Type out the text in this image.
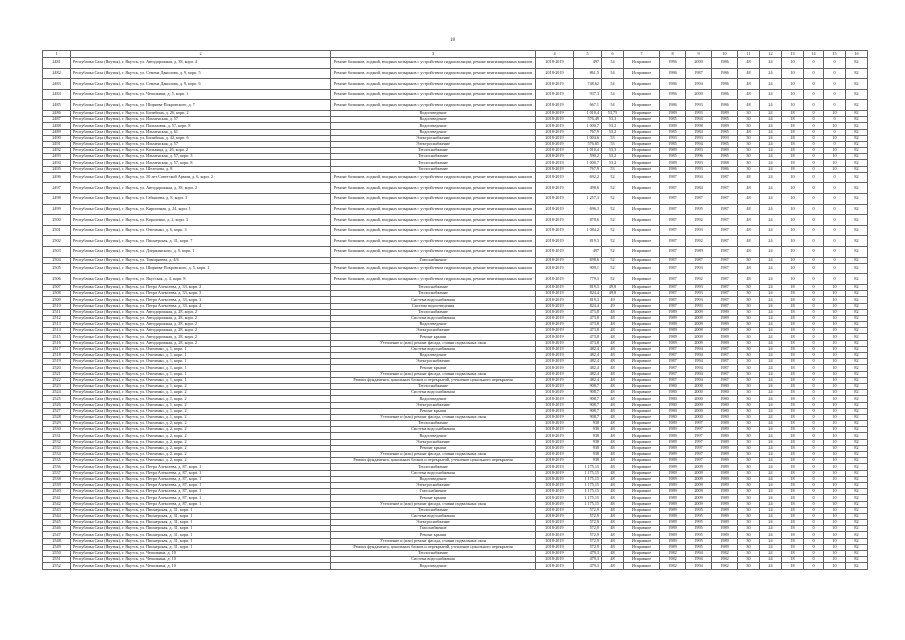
18
1	2	3	4	5	6	7	8	9	10	11	12	13	14	15	16
2481	Республика Саха (Якутия), г. Якутск, ул. Автодорожная, д. 38, корп. 4	Ремонт балконов, лоджий, входных козырьков с устройством гидроизоляции, ремонт вентиляционных каналов	2018-2019	497	54	Исправное	1986	2000	1986	48	24	10	0	0	82
2482	Республика Саха (Якутия), г. Якутск, ул. Семена Данилова, д. 9, корп. 5	Ремонт балконов, лоджий, входных козырьков с устройством гидроизоляции, ремонт вентиляционных каналов	2018-2019	861,5	54	Исправное	1986	1987	1986	48	24	10	0	0	82
2483	Республика Саха (Якутия), г. Якутск, ул. Семена Данилова, д. 9, корп. 6	Ремонт балконов, лоджий, входных козырьков с устройством гидроизоляции, ремонт вентиляционных каналов	2018-2019	748,62	54	Исправное	1986	1994	1986	48	24	10	0	0	82
2484	Республика Саха (Якутия), г. Якутск, ул. Чепалкина, д. 5, корп. 1	Ремонт балконов, лоджий, входных козырьков с устройством гидроизоляции, ремонт вентиляционных каналов	2018-2019	937,3	54	Исправное	1986	2000	1986	48	24	10	0	0	82
2485	Республика Саха (Якутия), г. Якутск, ул. Ширяева-Покровского, д. 7	Ремонт балконов, лоджий, входных козырьков с устройством гидроизоляции, ремонт вентиляционных каналов	2018-2019	667,1	54	Исправное	1986	1993	1986	48	24	10	0	0	82
2486	Республика Саха (Якутия), г. Якутск, ул. Билибина, д. 26, корп. 2	Водоотведение	2018-2019	1 010,4	53,75	Исправное	1989	1993	1989	30	24	18	0	10	82
2487	Республика Саха (Якутия), г. Якутск, ул. Ильменская, д. 57	Водоотведение	2018-2019	576,49	53,3	Исправное	1985	1994	1985	30	24	18	0	0	82
2488	Республика Саха (Якутия), г. Якутск, ул. Пальмовая, д. 57, корп. 8	Водоотведение	2018-2019	1 000,7	53,2	Исправное	1989	1998	1989	30	24	18	0	10	82
2489	Республика Саха (Якутия), г. Якутск, ул. Ильменская, д. 61	Водоотведение	2018-2019	767,9	53,2	Исправное	1985	1984	1985	48	24	18	0	0	82
2490	Республика Саха (Якутия), г. Якутск, ул. Билибина, д. 42, корп. 6	Электроснабжение	2018-2019	1 004,6	53	Исправное	1993	1993	1993	30	24	18	0	10	82
2491	Республика Саха (Якутия), г. Якутск, ул. Ильменская, д. 57	Электроснабжение	2018-2019	576,65	53	Исправное	1985	1994	1985	30	24	18	0	0	82
2492	Республика Саха (Якутия), г. Якутск, ул. Кальвица, д. 26, корп. 2	Теплоснабжение	2018-2019	1 010,4	53,3	Исправное	1989	1993	1989	30	24	18	0	10	82
2493	Республика Саха (Якутия), г. Якутск, ул. Ильменская, д. 57, корп. 3	Теплоснабжение	2018-2019	590,2	53,2	Исправное	1985	1996	1985	30	24	18	0	10	82
2494	Республика Саха (Якутия), г. Якутск, ул. Ильменская, д. 57, корп. 8	Теплоснабжение	2018-2019	1 000,7	53,2	Исправное	1989	1993	1988	30	24	18	0	10	82
2495	Республика Саха (Якутия), г. Якутск, ул. Шелехова, д. 8	Теплоснабжение	2018-2019	767,9	53	Исправное	1986	1993	1986	30	24	18	0	10	82
2496	Республика Саха (Якутия), г. Якутск, ул. 50 лет Советской Армии, д. 6, корп. 2	Ремонт балконов, лоджий, входных козырьков с устройством гидроизоляции, ремонт вентиляционных каналов	2018-2019	692,2	52	Исправное	1987	1994	1987	48	24	10	0	0	82
2497	Республика Саха (Якутия), г. Якутск, ул. Автодорожная, д. 38, корп. 2	Ремонт балконов, лоджий, входных козырьков с устройством гидроизоляции, ремонт вентиляционных каналов	2018-2019	498,6	52	Исправное	1987	1984	1987	48	24	10	0	0	82
2498	Республика Саха (Якутия), г. Якутск, ул. Габышева, д. 8, корп. 3	Ремонт балконов, лоджий, входных козырьков с устройством гидроизоляции, ремонт вентиляционных каналов	2018-2019	1 257,3	52	Исправное	1987	1987	1987	48	24	10	0	0	82
2499	Республика Саха (Якутия), г. Якутск, ул. Кирпичная, д. 24, корп. 1	Ремонт балконов, лоджий, входных козырьков с устройством гидроизоляции, ремонт вентиляционных каналов	2018-2019	696,3	52	Исправное	1987	1995	1987	48	24	10	0	0	82
2500	Республика Саха (Якутия), г. Якутск, ул. Короленко, д. 2, корп. 3	Ремонт балконов, лоджий, входных козырьков с устройством гидроизоляции, ремонт вентиляционных каналов	2018-2019	870,6	52	Исправное	1987	1992	1987	48	24	10	0	0	82
2501	Республика Саха (Якутия), г. Якутск, ул. Очиченко, д. 6, корп. 3	Ремонт балконов, лоджий, входных козырьков с устройством гидроизоляции, ремонт вентиляционных каналов	2018-2019	1 084,2	52	Исправное	1987	1993	1987	48	24	10	0	0	82
2502	Республика Саха (Якутия), г. Якутск, ул. Пионерская, д. 31, корп. 7	Ремонт балконов, лоджий, входных козырьков с устройством гидроизоляции, ремонт вентиляционных каналов	2018-2019	819,3	52	Исправное	1987	1992	1987	48	24	10	0	0	82
2503	Республика Саха (Якутия), г. Якутск, ул. Дзержинского, д. 9, корп. 1	Ремонт балконов, лоджий, входных козырьков с устройством гидроизоляции, ремонт вентиляционных каналов	2018-2019	497	52	Исправное	1987	1989	1987	48	24	10	0	0	82
2504	Республика Саха (Якутия), г. Якутск, ул. Тимирязева, д. 4/6	Газоснабжение	2018-2019	698,6	52	Исправное	1987	1987	1987	30	24	10	0	0	82
2505	Республика Саха (Якутия), г. Якутск, ул. Ширяева-Покровского, д. 5, корп. 1	Ремонт балконов, лоджий, входных козырьков с устройством гидроизоляции, ремонт вентиляционных каналов	2018-2019	909,1	52	Исправное	1987	1993	1987	48	24	10	0	0	82
2506	Республика Саха (Якутия), г. Якутск, ул. Якутская, д. 4, корп. 8	Ремонт балконов, лоджий, входных козырьков с устройством гидроизоляции, ремонт вентиляционных каналов	2018-2019	779,3	52	Исправное	1987	1992	1987	48	24	10	0	0	82
2507	Республика Саха (Якутия), г. Якутск, ул. Петра Алексеева, д. 33, корп. 2	Теплоснабжение	2018-2019	819,3	49,8	Исправное	1987	1993	1987	30	24	18	0	10	82
2508	Республика Саха (Якутия), г. Якутск, ул. Петра Алексеева, д. 33, корп. 3	Теплоснабжение	2018-2019	824,4	49,8	Исправное	1987	1993	1987	30	24	18	0	10	82
2509	Республика Саха (Якутия), г. Якутск, ул. Петра Алексеева, д. 33, корп. 3	Система водоснабжения	2018-2019	819,3	49	Исправное	1987	1993	1987	30	24	18	0	10	82
2510	Республика Саха (Якутия), г. Якутск, ул. Петра Алексеева, д. 33, корп. 4	Система водоотведения	2018-2019	824,4	49	Исправное	1987	1993	1987	30	24	18	0	10	82
2511	Республика Саха (Якутия), г. Якутск, ул. Автодорожная, д. 28, корп. 2	Теплоснабжение	2018-2019	473,8	48	Исправное	1989	2009	1989	30	24	18	0	10	82
2512	Республика Саха (Якутия), г. Якутск, ул. Автодорожная, д. 28, корп. 2	Система водоснабжения	2018-2019	473,8	48	Исправное	1989	2009	1989	30	24	18	0	10	82
2513	Республика Саха (Якутия), г. Якутск, ул. Автодорожная, д. 28, корп. 2	Водоотведение	2018-2019	473,8	48	Исправное	1989	2009	1989	30	24	18	0	10	82
2514	Республика Саха (Якутия), г. Якутск, ул. Автодорожная, д. 28, корп. 2	Электроснабжение	2018-2019	473,8	48	Исправное	1989	2009	1989	30	24	18	0	10	82
2515	Республика Саха (Якутия), г. Якутск, ул. Автодорожная, д. 28, корп. 2	Ремонт крыши	2018-2019	473,8	48	Исправное	1989	2009	1989	30	24	18	0	10	82
2516	Республика Саха (Якутия), г. Якутск, ул. Автодорожная, д. 28, корп. 2	Утепление и (или) ремонт фасада, ставни подвальных окон	2018-2019	473,8	48	Исправное	1989	2009	1989	30	24	18	0	10	82
2517	Республика Саха (Якутия), г. Якутск, ул. Очиченко, д. 1, корп. 1	Система водоснабжения	2018-2019	482,4	48	Исправное	1987	1994	1987	30	24	18	0	10	82
2518	Республика Саха (Якутия), г. Якутск, ул. Очиченко, д. 1, корп. 1	Водоотведение	2018-2019	482,4	48	Исправное	1987	1994	1987	30	24	18	0	10	82
2519	Республика Саха (Якутия), г. Якутск, ул. Очиченко, д. 1, корп. 1	Электроснабжение	2018-2019	482,4	48	Исправное	1987	1994	1987	30	24	18	0	10	82
2520	Республика Саха (Якутия), г. Якутск, ул. Очиченко, д. 1, корп. 1	Ремонт крыши	2018-2019	482,4	48	Исправное	1987	1994	1987	30	24	18	0	10	82
2521	Республика Саха (Якутия), г. Якутск, ул. Очиченко, д. 1, корп. 1	Утепление и (или) ремонт фасада, ставни подвальных окон	2018-2019	482,4	48	Исправное	1987	1994	1987	30	24	18	0	10	82
2522	Республика Саха (Якутия), г. Якутск, ул. Очиченко, д. 1, корп. 1	Ремонт фундамента, цокольных блоков и перекрытий, утепление цокольного перекрытия	2018-2019	482,4	48	Исправное	1987	1994	1987	30	24	18	0	10	82
2523	Республика Саха (Якутия), г. Якутск, ул. Очиченко, д. 1, корп. 2	Теплоснабжение	2018-2019	908,7	48	Исправное	1980	2000	1980	30	24	18	0	10	82
2524	Республика Саха (Якутия), г. Якутск, ул. Очиченко, д. 1, корп. 2	Система водоснабжения	2018-2019	908,7	48	Исправное	1980	2000	1980	30	24	18	0	10	82
2525	Республика Саха (Якутия), г. Якутск, ул. Очиченко, д. 1, корп. 2	Водоотведение	2018-2019	908,7	48	Исправное	1980	2000	1980	30	24	18	0	10	82
2526	Республика Саха (Якутия), г. Якутск, ул. Очиченко, д. 1, корп. 2	Электроснабжение	2018-2019	908,7	48	Исправное	1980	2000	1980	30	24	18	0	10	82
2527	Республика Саха (Якутия), г. Якутск, ул. Очиченко, д. 1, корп. 2	Ремонт крыши	2018-2019	908,7	48	Исправное	1980	2000	1980	30	24	18	0	10	82
2528	Республика Саха (Якутия), г. Якутск, ул. Очиченко, д. 1, корп. 2	Утепление и (или) ремонт фасада, ставни подвальных окон	2018-2019	908,7	48	Исправное	1980	2000	1980	30	24	18	0	10	82
2529	Республика Саха (Якутия), г. Якутск, ул. Очиченко, д. 2, корп. 2	Теплоснабжение	2018-2019	938	48	Исправное	1989	1997	1989	30	24	18	0	10	82
2530	Республика Саха (Якутия), г. Якутск, ул. Очиченко, д. 2, корп. 2	Система водоснабжения	2018-2019	938	48	Исправное	1989	1997	1989	30	24	18	0	10	82
2531	Республика Саха (Якутия), г. Якутск, ул. Очиченко, д. 2, корп. 2	Водоотведение	2018-2019	938	48	Исправное	1989	1997	1989	30	24	18	0	10	82
2532	Республика Саха (Якутия), г. Якутск, ул. Очиченко, д. 2, корп. 2	Электроснабжение	2018-2019	938	48	Исправное	1989	1997	1989	30	24	18	0	10	82
2533	Республика Саха (Якутия), г. Якутск, ул. Очиченко, д. 2, корп. 2	Ремонт крыши	2018-2019	938	48	Исправное	1989	1997	1989	30	24	18	0	10	82
2534	Республика Саха (Якутия), г. Якутск, ул. Очиченко, д. 2, корп. 2	Утепление и (или) ремонт фасада, ставни подвальных окон	2018-2019	938	48	Исправное	1989	1997	1989	30	24	18	0	10	82
2535	Республика Саха (Якутия), г. Якутск, ул. Очиченко, д. 2, корп. 2	Ремонт фундамента, цокольных блоков и перекрытий, утепление цокольного перекрытия	2018-2019	938	48	Исправное	1989	1997	1989	30	24	18	0	10	82
2536	Республика Саха (Якутия), г. Якутск, ул. Петра Алексеева, д. 87, корп. 1	Теплоснабжение	2018-2019	1 175,15	48	Исправное	1989	2009	1989	30	24	18	0	10	82
2537	Республика Саха (Якутия), г. Якутск, ул. Петра Алексеева, д. 87, корп. 1	Система водоснабжения	2018-2019	1 175,15	48	Исправное	1989	2009	1989	30	24	18	0	10	82
2538	Республика Саха (Якутия), г. Якутск, ул. Петра Алексеева, д. 87, корп. 1	Водоотведение	2018-2019	1 175,15	48	Исправное	1989	2009	1989	30	24	18	0	10	82
2539	Республика Саха (Якутия), г. Якутск, ул. Петра Алексеева, д. 87, корп. 1	Электроснабжение	2018-2019	1 175,15	48	Исправное	1989	2009	1989	30	24	18	0	10	82
2540	Республика Саха (Якутия), г. Якутск, ул. Петра Алексеева, д. 87, корп. 1	Газоснабжение	2018-2019	1 175,15	48	Исправное	1989	2009	1989	30	24	18	0	10	82
2541	Республика Саха (Якутия), г. Якутск, ул. Петра Алексеева, д. 87, корп. 1	Ремонт крыши	2018-2019	1 175,15	48	Исправное	1989	2009	1989	30	24	18	0	10	82
2542	Республика Саха (Якутия), г. Якутск, ул. Петра Алексеева, д. 87, корп. 1	Утепление и (или) ремонт фасада, ставни подвальных окон	2018-2019	1 175,15	48	Исправное	1989	2009	1989	30	24	18	0	10	82
2543	Республика Саха (Якутия), г. Якутск, ул. Пионерская, д. 31, корп. 1	Теплоснабжение	2018-2019	572,9	48	Исправное	1989	1995	1989	30	24	18	0	10	82
2544	Республика Саха (Якутия), г. Якутск, ул. Пионерская, д. 31, корп. 1	Система водоснабжения	2018-2019	572,9	48	Исправное	1989	1995	1989	30	24	18	0	10	82
2545	Республика Саха (Якутия), г. Якутск, ул. Пионерская, д. 31, корп. 1	Электроснабжение	2018-2019	572,9	48	Исправное	1989	1995	1989	30	24	18	0	10	82
2546	Республика Саха (Якутия), г. Якутск, ул. Пионерская, д. 31, корп. 1	Газоснабжение	2018-2019	572,9	48	Исправное	1989	1995	1989	30	24	18	0	10	82
2547	Республика Саха (Якутия), г. Якутск, ул. Пионерская, д. 31, корп. 1	Ремонт крыши	2018-2019	572,9	48	Исправное	1989	1995	1989	30	24	18	0	10	82
2548	Республика Саха (Якутия), г. Якутск, ул. Пионерская, д. 31, корп. 1	Утепление и (или) ремонт фасада, ставни подвальных окон	2018-2019	572,9	48	Исправное	1989	1995	1989	30	24	18	0	10	82
2549	Республика Саха (Якутия), г. Якутск, ул. Пионерская, д. 31, корп. 1	Ремонт фундамента, цокольных блоков и перекрытий, утепление цокольного перекрытия	2018-2019	572,9	48	Исправное	1989	1995	1989	30	24	18	0	10	82
2550	Республика Саха (Якутия), г. Якутск, ул. Чепалкина, д. 10	Теплоснабжение	2018-2019	479,3	48	Исправное	1982	1994	1982	30	24	18	0	10	82
2551	Республика Саха (Якутия), г. Якутск, ул. Чепалкина, д. 10	Система водоснабжения	2018-2019	479,3	48	Исправное	1982	1994	1982	30	24	18	0	10	82
2552	Республика Саха (Якутия), г. Якутск, ул. Чепалкина, д. 10	Водоотведение	2018-2019	479,3	48	Исправное	1982	1994	1982	30	24	18	0	10	82
